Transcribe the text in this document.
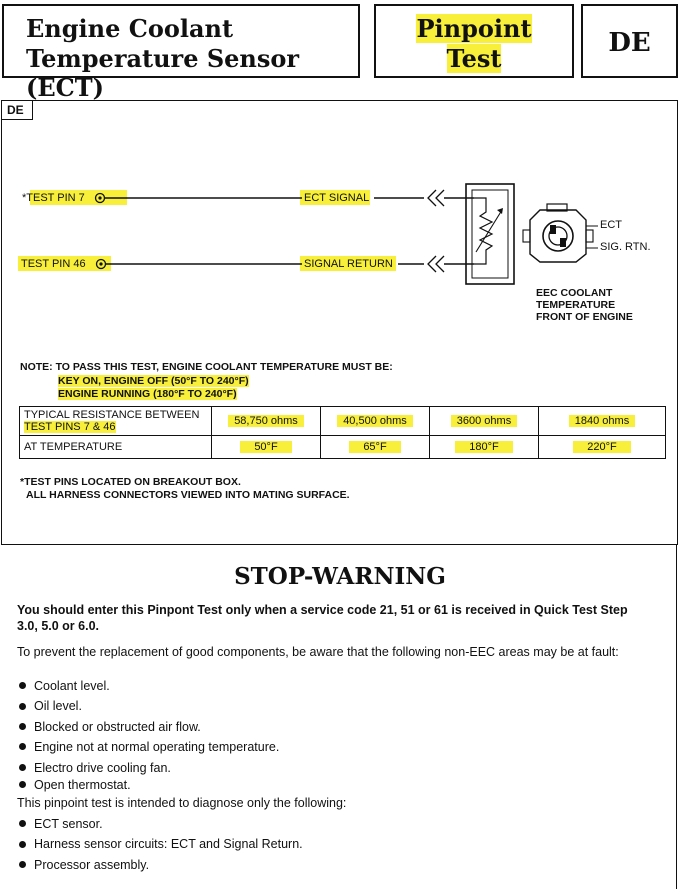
Engine Coolant
Temperature Sensor (ECT)
Pinpoint
Test
DE
DE
*TEST PIN 7	ECT SIGNAL
TEST PIN 46	SIGNAL RETURN
ECT
SIG. RTN.
EEC COOLANT
TEMPERATURE
FRONT OF ENGINE
NOTE: TO PASS THIS TEST, ENGINE COOLANT TEMPERATURE MUST BE:
KEY ON, ENGINE OFF (50°F TO 240°F)
ENGINE RUNNING (180°F TO 240°F)
TYPICAL RESISTANCE BETWEEN
TEST PINS 7 & 46	58,750 ohms	40,500 ohms	3600 ohms	1840 ohms
AT TEMPERATURE	50°F	65°F	180°F	220°F
*TEST PINS LOCATED ON BREAKOUT BOX.
ALL HARNESS CONNECTORS VIEWED INTO MATING SURFACE.
STOP-WARNING
You should enter this Pinpont Test only when a service code 21, 51 or 61 is received in Quick Test Step 3.0, 5.0 or 6.0.
To prevent the replacement of good components, be aware that the following non-EEC areas may be at fault:
Coolant level.
Oil level.
Blocked or obstructed air flow.
Engine not at normal operating temperature.
Electro drive cooling fan.
Open thermostat.
This pinpoint test is intended to diagnose only the following:
ECT sensor.
Harness sensor circuits: ECT and Signal Return.
Processor assembly.
